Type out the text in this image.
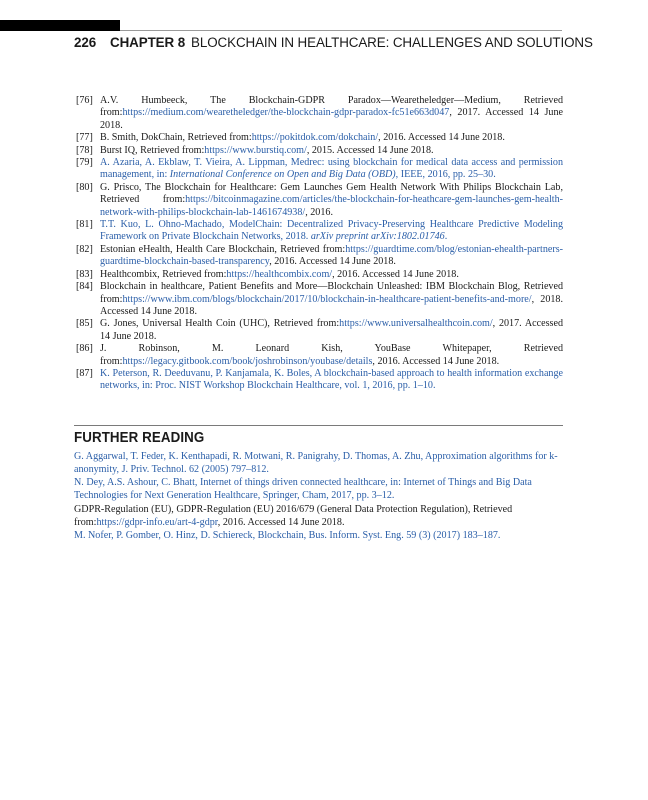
226 CHAPTER 8 BLOCKCHAIN IN HEALTHCARE: CHALLENGES AND SOLUTIONS
[76] A.V. Humbeeck, The Blockchain-GDPR Paradox—Wearetheledger—Medium, Retrieved from:https://medium.com/wearetheledger/the-blockchain-gdpr-paradox-fc51e663d047, 2017. Accessed 14 June 2018.
[77] B. Smith, DokChain, Retrieved from:https://pokitdok.com/dokchain/, 2016. Accessed 14 June 2018.
[78] Burst IQ, Retrieved from:https://www.burstiq.com/, 2015. Accessed 14 June 2018.
[79] A. Azaria, A. Ekblaw, T. Vieira, A. Lippman, Medrec: using blockchain for medical data access and permission management, in: International Conference on Open and Big Data (OBD), IEEE, 2016, pp. 25–30.
[80] G. Prisco, The Blockchain for Healthcare: Gem Launches Gem Health Network With Philips Blockchain Lab, Retrieved from:https://bitcoinmagazine.com/articles/the-blockchain-for-heathcare-gem-launches-gem-health-network-with-philips-blockchain-lab-1461674938/, 2016.
[81] T.T. Kuo, L. Ohno-Machado, ModelChain: Decentralized Privacy-Preserving Healthcare Predictive Modeling Framework on Private Blockchain Networks, 2018. arXiv preprint arXiv:1802.01746.
[82] Estonian eHealth, Health Care Blockchain, Retrieved from:https://guardtime.com/blog/estonian-ehealth-partners-guardtime-blockchain-based-transparency, 2016. Accessed 14 June 2018.
[83] Healthcombix, Retrieved from:https://healthcombix.com/, 2016. Accessed 14 June 2018.
[84] Blockchain in healthcare, Patient Benefits and More—Blockchain Unleashed: IBM Blockchain Blog, Retrieved from:https://www.ibm.com/blogs/blockchain/2017/10/blockchain-in-healthcare-patient-benefits-and-more/, 2018. Accessed 14 June 2018.
[85] G. Jones, Universal Health Coin (UHC), Retrieved from:https://www.universalhealthcoin.com/, 2017. Accessed 14 June 2018.
[86] J. Robinson, M. Leonard Kish, YouBase Whitepaper, Retrieved from:https://legacy.gitbook.com/book/joshrobinson/youbase/details, 2016. Accessed 14 June 2018.
[87] K. Peterson, R. Deeduvanu, P. Kanjamala, K. Boles, A blockchain-based approach to health information exchange networks, in: Proc. NIST Workshop Blockchain Healthcare, vol. 1, 2016, pp. 1–10.
FURTHER READING

G. Aggarwal, T. Feder, K. Kenthapadi, R. Motwani, R. Panigrahy, D. Thomas, A. Zhu, Approximation algorithms for k-anonymity, J. Priv. Technol. 62 (2005) 797–812.

N. Dey, A.S. Ashour, C. Bhatt, Internet of things driven connected healthcare, in: Internet of Things and Big Data Technologies for Next Generation Healthcare, Springer, Cham, 2017, pp. 3–12.

GDPR-Regulation (EU), GDPR-Regulation (EU) 2016/679 (General Data Protection Regulation), Retrieved from:https://gdpr-info.eu/art-4-gdpr, 2016. Accessed 14 June 2018.

M. Nofer, P. Gomber, O. Hinz, D. Schiereck, Blockchain, Bus. Inform. Syst. Eng. 59 (3) (2017) 183–187.
